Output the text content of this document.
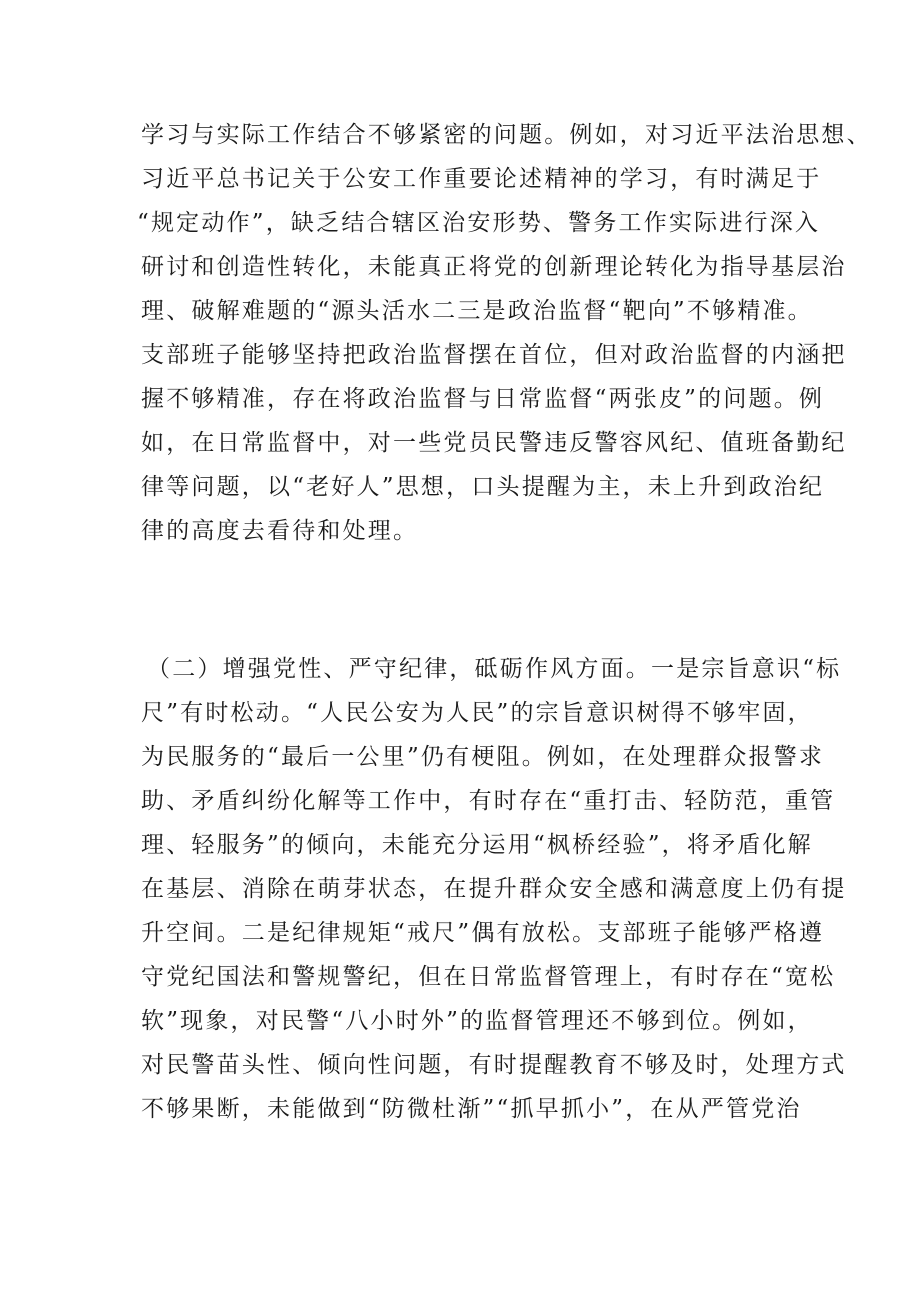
学习与实际工作结合不够紧密的问题。例如，对习近平法治思想、
习近平总书记关于公安工作重要论述精神的学习，有时满足于
“规定动作”，缺乏结合辖区治安形势、警务工作实际进行深入
研讨和创造性转化，未能真正将党的创新理论转化为指导基层治
理、破解难题的“源头活水二三是政治监督“靶向”不够精准。
支部班子能够坚持把政治监督摆在首位，但对政治监督的内涵把
握不够精准，存在将政治监督与日常监督“两张皮”的问题。例
如，在日常监督中，对一些党员民警违反警容风纪、值班备勤纪
律等问题，以“老好人”思想，口头提醒为主，未上升到政治纪
律的高度去看待和处理。
（二）增强党性、严守纪律，砥砺作风方面。一是宗旨意识“标
尺”有时松动。“人民公安为人民”的宗旨意识树得不够牢固，
为民服务的“最后一公里”仍有梗阻。例如，在处理群众报警求
助、矛盾纠纷化解等工作中，有时存在“重打击、轻防范，重管
理、轻服务”的倾向，未能充分运用“枫桥经验”，将矛盾化解
在基层、消除在萌芽状态，在提升群众安全感和满意度上仍有提
升空间。二是纪律规矩“戒尺”偶有放松。支部班子能够严格遵
守党纪国法和警规警纪，但在日常监督管理上，有时存在“宽松
软”现象，对民警“八小时外”的监督管理还不够到位。例如，
对民警苗头性、倾向性问题，有时提醒教育不够及时，处理方式
不够果断，未能做到“防微杜渐”“抓早抓小”，在从严管党治
